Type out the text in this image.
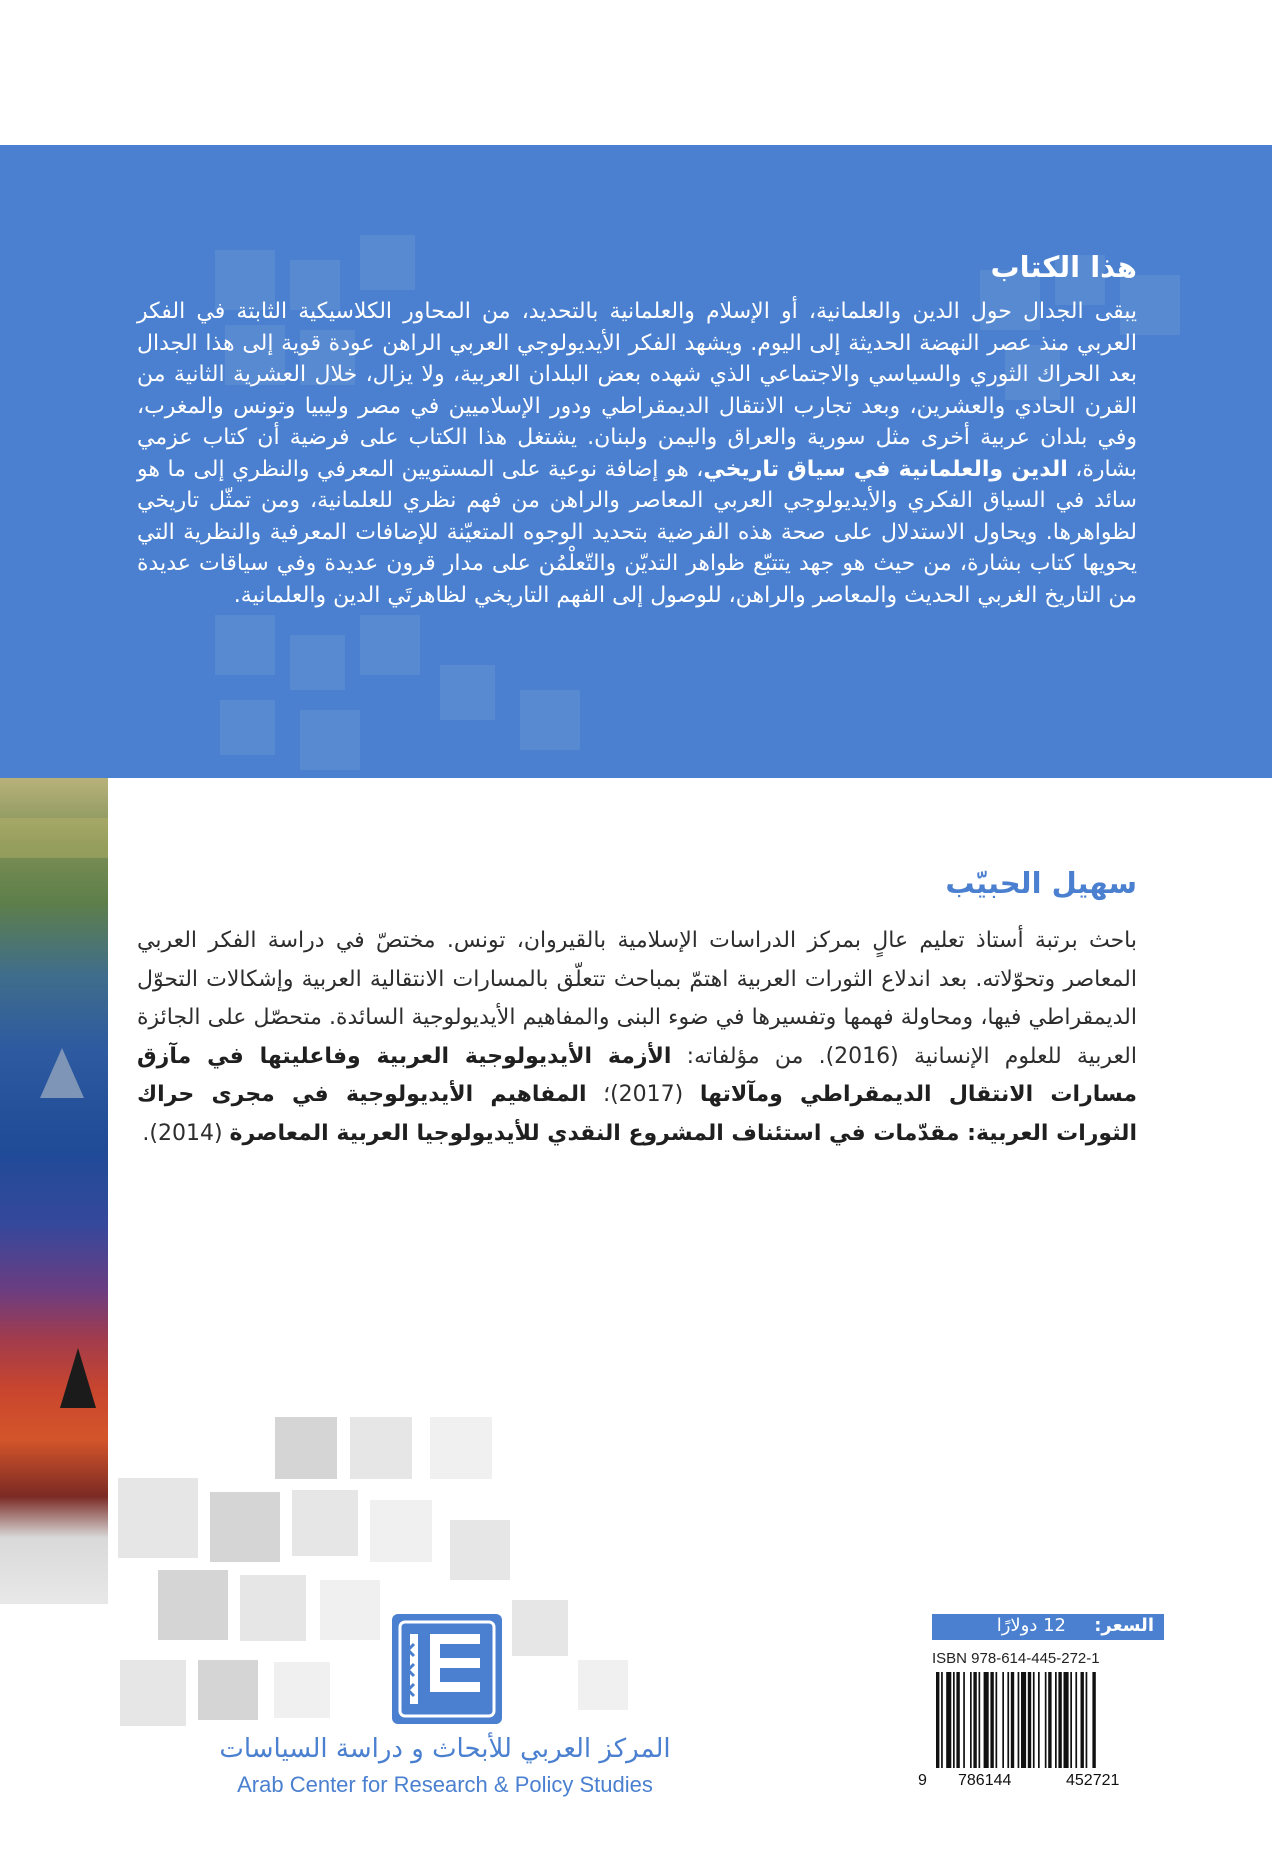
هذا الكتاب

يبقى الجدال حول الدين والعلمانية، أو الإسلام والعلمانية بالتحديد، من المحاور الكلاسيكية الثابتة في الفكر العربي منذ عصر النهضة الحديثة إلى اليوم. ويشهد الفكر الأيديولوجي العربي الراهن عودة قوية إلى هذا الجدال بعد الحراك الثوري والسياسي والاجتماعي الذي شهده بعض البلدان العربية، ولا يزال، خلال العشرية الثانية من القرن الحادي والعشرين، وبعد تجارب الانتقال الديمقراطي ودور الإسلاميين في مصر وليبيا وتونس والمغرب، وفي بلدان عربية أخرى مثل سورية والعراق واليمن ولبنان. يشتغل هذا الكتاب على فرضية أن كتاب عزمي بشارة، الدين والعلمانية في سياق تاريخي، هو إضافة نوعية على المستويين المعرفي والنظري إلى ما هو سائد في السياق الفكري والأيديولوجي العربي المعاصر والراهن من فهم نظري للعلمانية، ومن تمثّل تاريخي لظواهرها. ويحاول الاستدلال على صحة هذه الفرضية بتحديد الوجوه المتعيّنة للإضافات المعرفية والنظرية التي يحويها كتاب بشارة، من حيث هو جهد يتتبّع ظواهر التديّن والتّعلْمُن على مدار قرون عديدة وفي سياقات عديدة من التاريخ الغربي الحديث والمعاصر والراهن، للوصول إلى الفهم التاريخي لظاهرتَي الدين والعلمانية.

سهيل الحبيّب

باحث برتبة أستاذ تعليم عالٍ بمركز الدراسات الإسلامية بالقيروان، تونس. مختصّ في دراسة الفكر العربي المعاصر وتحوّلاته. بعد اندلاع الثورات العربية اهتمّ بمباحث تتعلّق بالمسارات الانتقالية العربية وإشكالات التحوّل الديمقراطي فيها، ومحاولة فهمها وتفسيرها في ضوء البنى والمفاهيم الأيديولوجية السائدة. متحصّل على الجائزة العربية للعلوم الإنسانية (2016). من مؤلفاته: الأزمة الأيديولوجية العربية وفاعليتها في مآزق مسارات الانتقال الديمقراطي ومآلاتها (2017)؛ المفاهيم الأيديولوجية في مجرى حراك الثورات العربية: مقدّمات في استئناف المشروع النقدي للأيديولوجيا العربية المعاصرة (2014).

المركز العربي للأبحاث و دراسة السياسات
Arab Center for Research & Policy Studies
السعر:
12 دولارًا
ISBN 978-614-445-272-1
9 786144	452721
